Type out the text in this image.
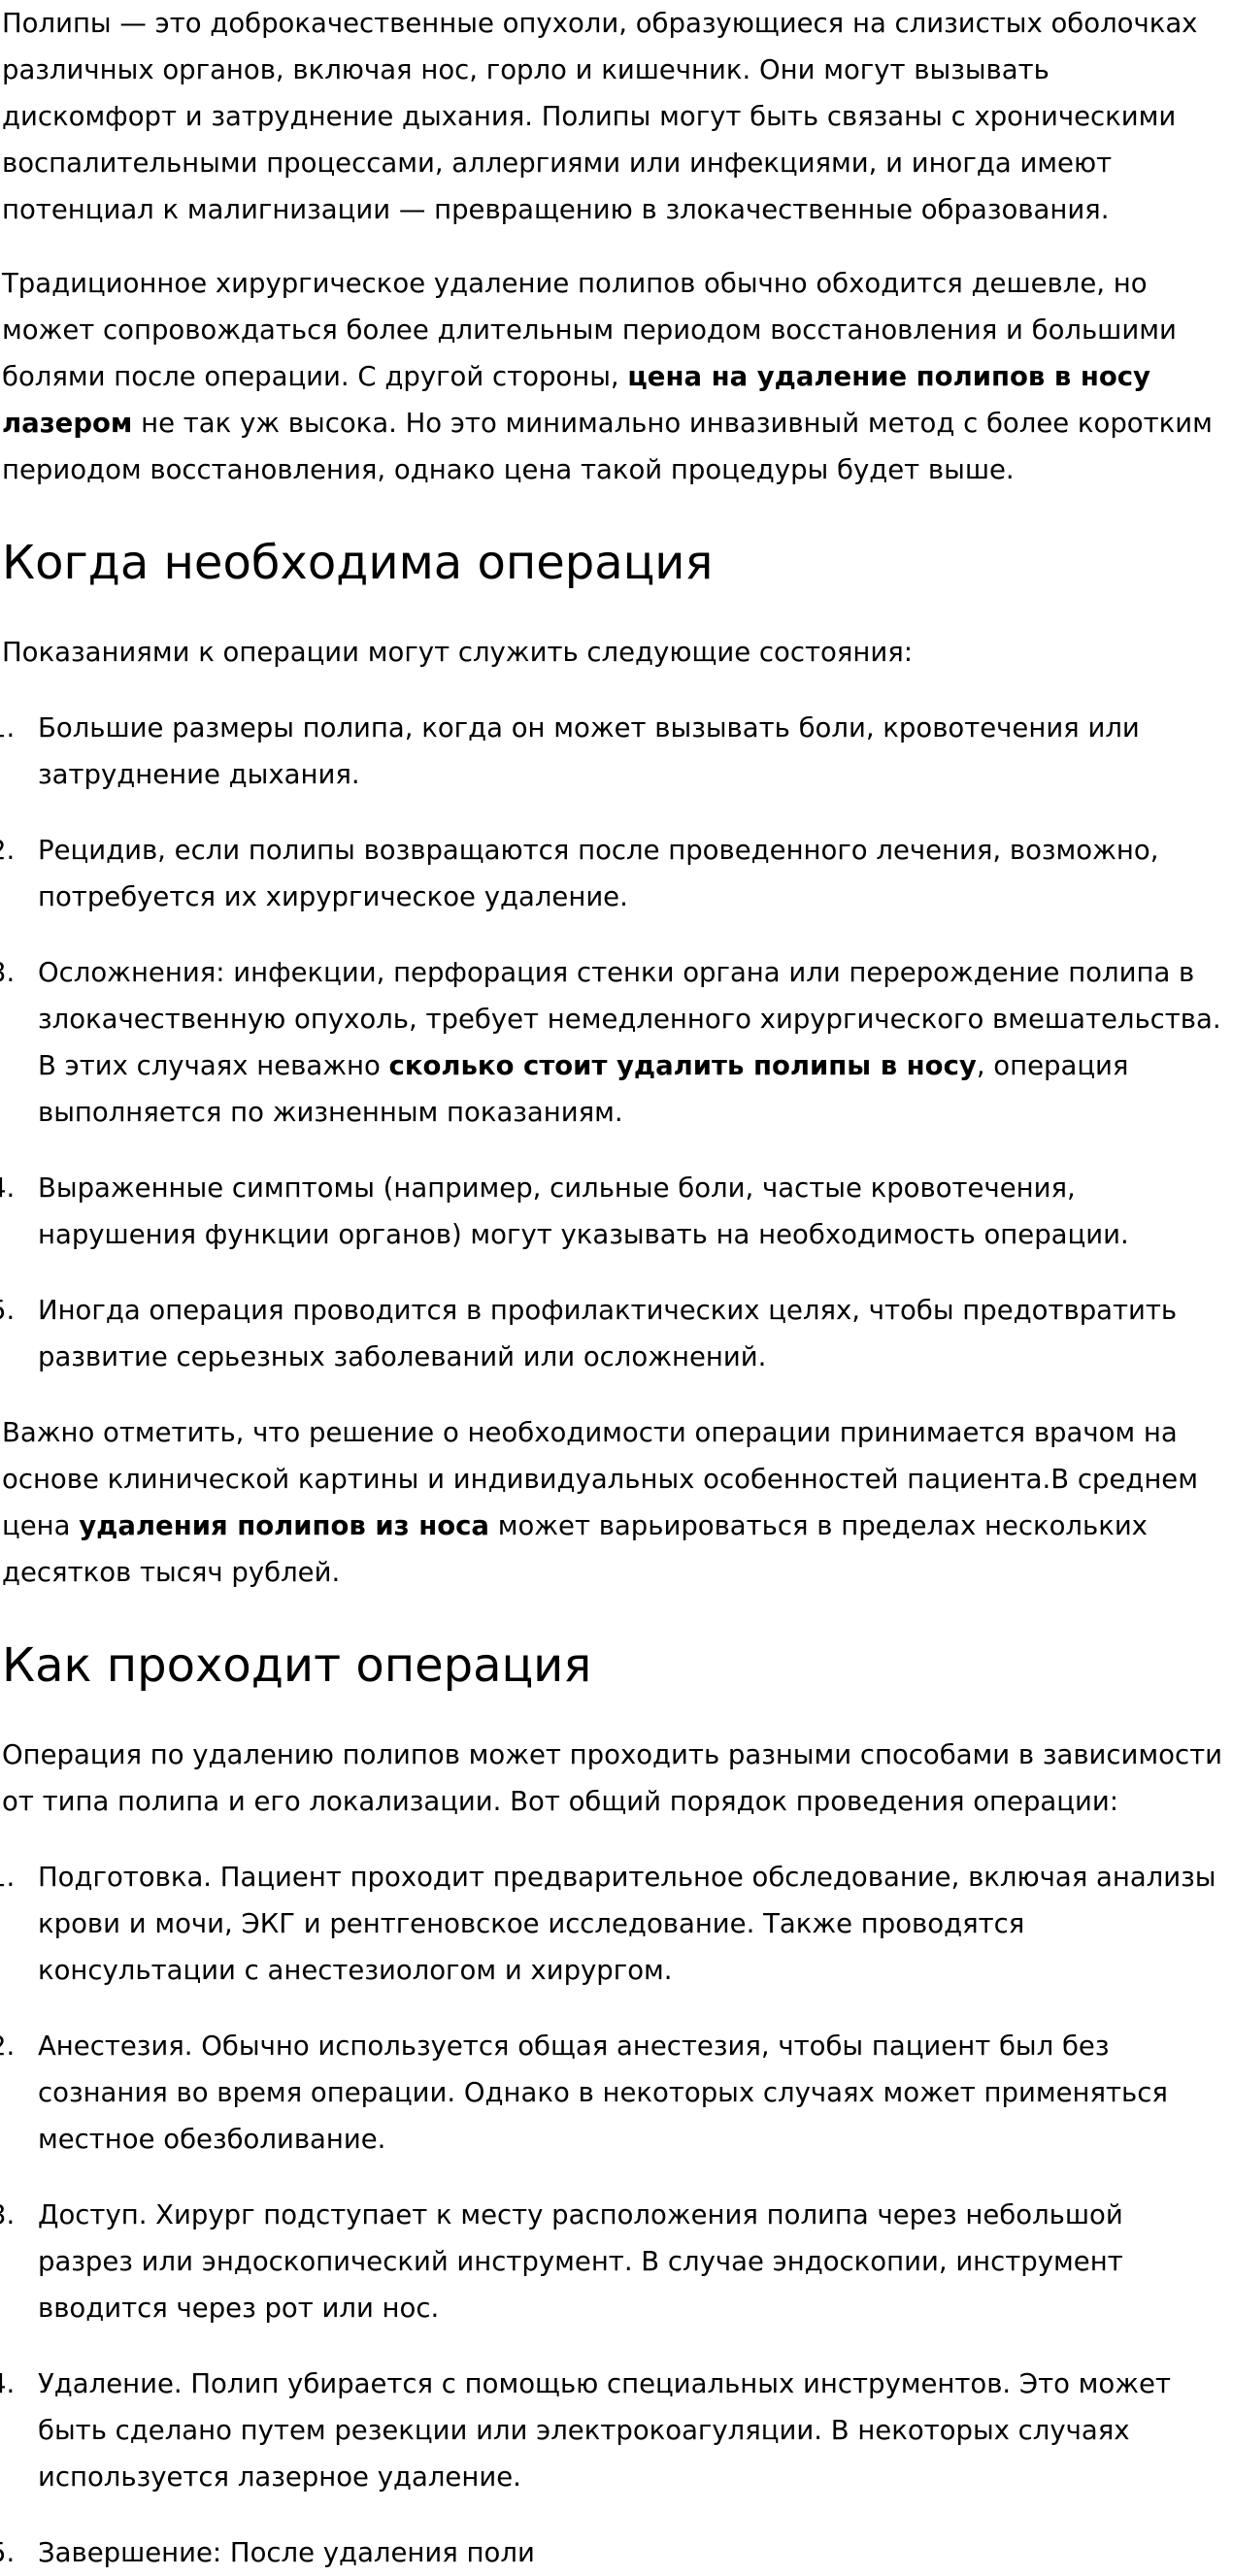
Полипы — это доброкачественные опухоли, образующиеся на слизистых оболочках различных органов, включая нос, горло и кишечник. Они могут вызывать дискомфорт и затруднение дыхания. Полипы могут быть связаны с хроническими воспалительными процессами, аллергиями или инфекциями, и иногда имеют потенциал к малигнизации — превращению в злокачественные образования.

Традиционное хирургическое удаление полипов обычно обходится дешевле, но может сопровождаться более длительным периодом восстановления и большими болями после операции. С другой стороны, цена на удаление полипов в носу лазером не так уж высока. Но это минимально инвазивный метод с более коротким периодом восстановления, однако цена такой процедуры будет выше.

Когда необходима операция

Показаниями к операции могут служить следующие состояния:

Большие размеры полипа, когда он может вызывать боли, кровотечения или затруднение дыхания.
Рецидив, если полипы возвращаются после проведенного лечения, возможно, потребуется их хирургическое удаление.
Осложнения: инфекции, перфорация стенки органа или перерождение полипа в злокачественную опухоль, требует немедленного хирургического вмешательства. В этих случаях неважно сколько стоит удалить полипы в носу, операция выполняется по жизненным показаниям.
Выраженные симптомы (например, сильные боли, частые кровотечения, нарушения функции органов) могут указывать на необходимость операции.
Иногда операция проводится в профилактических целях, чтобы предотвратить развитие серьезных заболеваний или осложнений.

Важно отметить, что решение о необходимости операции принимается врачом на основе клинической картины и индивидуальных особенностей пациента.В среднем цена удаления полипов из носа может варьироваться в пределах нескольких десятков тысяч рублей.

Как проходит операция

Операция по удалению полипов может проходить разными способами в зависимости от типа полипа и его локализации. Вот общий порядок проведения операции:

Подготовка. Пациент проходит предварительное обследование, включая анализы крови и мочи, ЭКГ и рентгеновское исследование. Также проводятся консультации с анестезиологом и хирургом.
Анестезия. Обычно используется общая анестезия, чтобы пациент был без сознания во время операции. Однако в некоторых случаях может применяться местное обезболивание.
Доступ. Хирург подступает к месту расположения полипа через небольшой разрез или эндоскопический инструмент. В случае эндоскопии, инструмент вводится через рот или нос.
Удаление. Полип убирается с помощью специальных инструментов. Это может быть сделано путем резекции или электрокоагуляции. В некоторых случаях используется лазерное удаление.
Завершение: После удаления поли
